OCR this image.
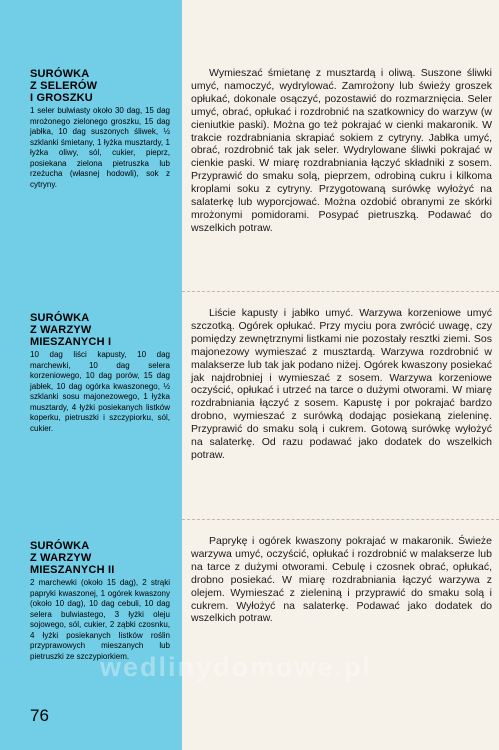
SURÓWKA
Z SELERÓW
I GROSZKU

1 seler bulwiasty około 30 dag, 15 dag mrożonego zielonego groszku, 15 dag jabłka, 10 dag suszonych śliwek, ½ szklanki śmietany, 1 łyżka musztardy, 1 łyżka oliwy, sól, cukier, pieprz, posiekana zielona pietruszka lub rzeżucha (własnej hodowli), sok z cytryny.

Wymieszać śmietanę z musztardą i oliwą. Suszone śliwki umyć, namoczyć, wydrylować. Zamrożony lub świeży groszek opłukać, dokonale osączyć, pozostawić do rozmarznięcia. Seler umyć, obrać, opłukać i rozdrobnić na szatkownicy do warzyw (w cieniutkie paski). Można go też pokrajać w cienki makaronik. W trakcie rozdrabniania skrapiać sokiem z cytryny. Jabłka umyć, obrać, rozdrobnić tak jak seler. Wydrylowane śliwki pokrajać w cienkie paski. W miarę rozdrabniania łączyć składniki z sosem. Przyprawić do smaku solą, pieprzem, odrobiną cukru i kilkoma kroplami soku z cytryny. Przygotowaną surówkę wyłożyć na salaterkę lub wyporcjować. Można ozdobić obranymi ze skórki mrożonymi pomidorami. Posypać pietruszką. Podawać do wszelkich potraw.

SURÓWKA
Z WARZYW
MIESZANYCH I

10 dag liści kapusty, 10 dag marchewki, 10 dag selera korzeniowego, 10 dag porów, 15 dag jabłek, 10 dag ogórka kwaszonego, ½ szklanki sosu majonezowego, 1 łyżka musztardy, 4 łyżki posiekanych listków koperku, pietruszki i szczypiorku, sól, cukier.

Liście kapusty i jabłko umyć. Warzywa korzeniowe umyć szczotką. Ogórek opłukać. Przy myciu pora zwrócić uwagę, czy pomiędzy zewnętrznymi listkami nie pozostały resztki ziemi. Sos majonezowy wymieszać z musztardą. Warzywa rozdrobnić w malakserze lub tak jak podano niżej. Ogórek kwaszony posiekać jak najdrobniej i wymieszać z sosem. Warzywa korzeniowe oczyścić, opłukać i utrzeć na tarce o dużymi otworami. W miarę rozdrabniania łączyć z sosem. Kapustę i por pokrajać bardzo drobno, wymieszać z surówką dodając posiekaną zieleninę. Przyprawić do smaku solą i cukrem. Gotową surówkę wyłożyć na salaterkę. Od razu podawać jako dodatek do wszelkich potraw.

SURÓWKA
Z WARZYW
MIESZANYCH II

2 marchewki (około 15 dag), 2 strąki papryki kwaszonej, 1 ogórek kwaszony (około 10 dag), 10 dag cebuli, 10 dag selera bulwiastego, 3 łyżki oleju sojowego, sól, cukier, 2 ząbki czosnku, 4 łyżki posiekanych listków roślin przyprawowych mieszanych lub pietruszki ze szczypiorkiem.

Paprykę i ogórek kwaszony pokrajać w makaronik. Świeże warzywa umyć, oczyścić, opłukać i rozdrobnić w malakserze lub na tarce z dużymi otworami. Cebulę i czosnek obrać, opłukać, drobno posiekać. W miarę rozdrabniania łączyć warzywa z olejem. Wymieszać z zieleniną i przyprawić do smaku solą i cukrem. Wyłożyć na salaterkę. Podawać jako dodatek do wszelkich potraw.

wedlinydomowe.pl
76
